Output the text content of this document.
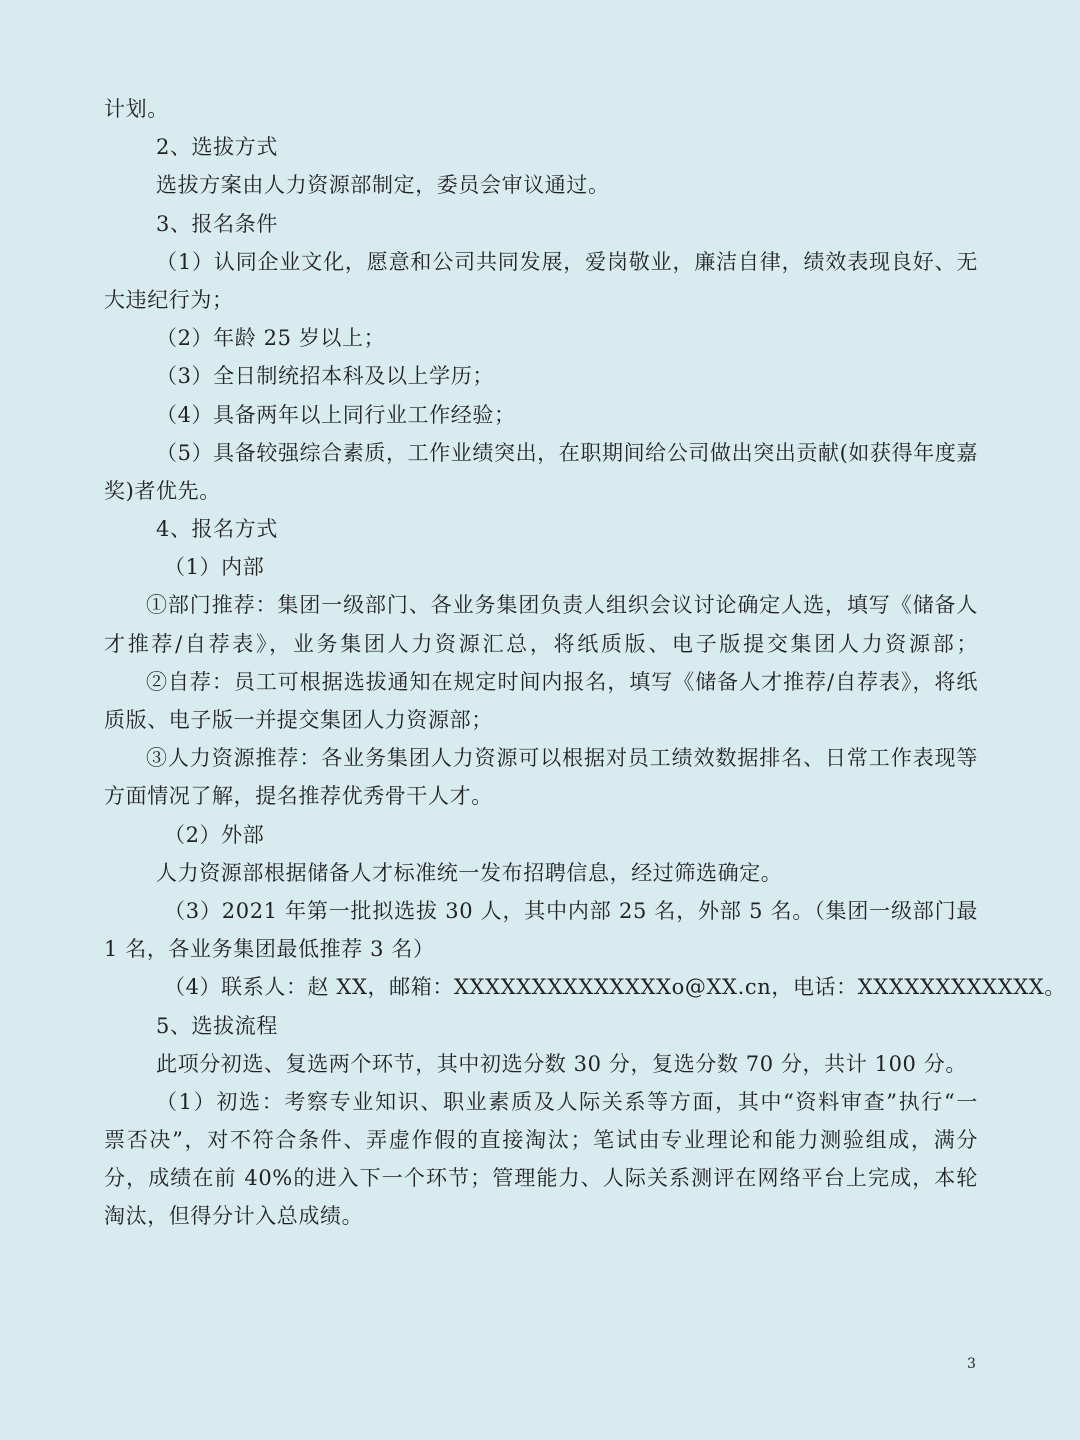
计划。
2、选拔方式
选拔方案由人力资源部制定，委员会审议通过。
3、报名条件
（1）认同企业文化，愿意和公司共同发展，爱岗敬业，廉洁自律，绩效表现良好、无
大违纪行为；
（2）年龄 25 岁以上；
（3）全日制统招本科及以上学历；
（4）具备两年以上同行业工作经验；
（5）具备较强综合素质，工作业绩突出，在职期间给公司做出突出贡献(如获得年度嘉
奖)者优先。
4、报名方式
（1）内部
①部门推荐：集团一级部门、各业务集团负责人组织会议讨论确定人选，填写《储备人
才推荐/自荐表》，业务集团人力资源汇总，将纸质版、电子版提交集团人力资源部；
②自荐：员工可根据选拔通知在规定时间内报名，填写《储备人才推荐/自荐表》，将纸
质版、电子版一并提交集团人力资源部；
③人力资源推荐：各业务集团人力资源可以根据对员工绩效数据排名、日常工作表现等
方面情况了解，提名推荐优秀骨干人才。
（2）外部
人力资源部根据储备人才标准统一发布招聘信息，经过筛选确定。
（3）2021 年第一批拟选拔 30 人，其中内部 25 名，外部 5 名。（集团一级部门最
1 名，各业务集团最低推荐 3 名）
（4）联系人：赵 XX，邮箱：XXXXXXXXXXXXXXo@XX.cn，电话：XXXXXXXXXXXX。
5、选拔流程
此项分初选、复选两个环节，其中初选分数 30 分，复选分数 70 分，共计 100 分。
（1）初选：考察专业知识、职业素质及人际关系等方面，其中“资料审查”执行“一
票否决”，对不符合条件、弄虚作假的直接淘汰；笔试由专业理论和能力测验组成，满分
分，成绩在前 40%的进入下一个环节；管理能力、人际关系测评在网络平台上完成，本轮
淘汰，但得分计入总成绩。
3
